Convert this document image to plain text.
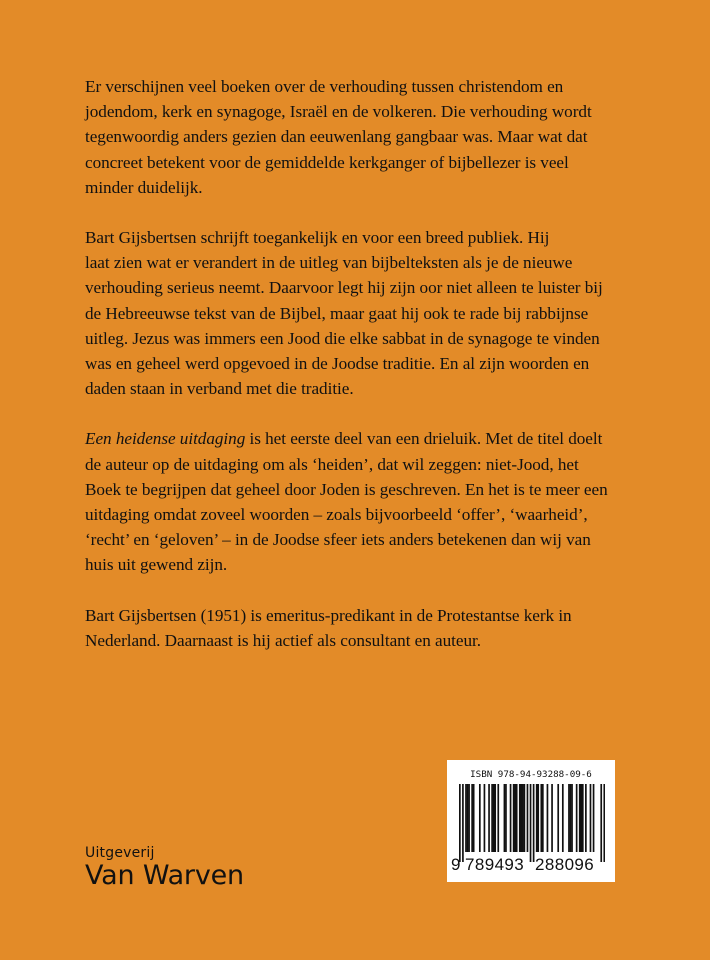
Er verschijnen veel boeken over de verhouding tussen christendom en
jodendom, kerk en synagoge, Israël en de volkeren. Die verhouding wordt
tegenwoordig anders gezien dan eeuwenlang gangbaar was. Maar wat dat
concreet betekent voor de gemiddelde kerkganger of bijbellezer is veel
minder duidelijk.

Bart Gijsbertsen schrijft toegankelijk en voor een breed publiek. Hij
laat zien wat er verandert in de uitleg van bijbelteksten als je de nieuwe
verhouding serieus neemt. Daarvoor legt hij zijn oor niet alleen te luister bij
de Hebreeuwse tekst van de Bijbel, maar gaat hij ook te rade bij rabbijnse
uitleg. Jezus was immers een Jood die elke sabbat in de synagoge te vinden
was en geheel werd opgevoed in de Joodse traditie. En al zijn woorden en
daden staan in verband met die traditie.

Een heidense uitdaging is het eerste deel van een drieluik. Met de titel doelt
de auteur op de uitdaging om als ‘heiden’, dat wil zeggen: niet-Jood, het
Boek te begrijpen dat geheel door Joden is geschreven. En het is te meer een
uitdaging omdat zoveel woorden – zoals bijvoorbeeld ‘offer’, ‘waarheid’,
‘recht’ en ‘geloven’ – in de Joodse sfeer iets anders betekenen dan wij van
huis uit gewend zijn.

Bart Gijsbertsen (1951) is emeritus-predikant in de Protestantse kerk in
Nederland. Daarnaast is hij actief als consultant en auteur.

Uitgeverij
Van Warven
ISBN 978-94-93288-09-6
9 789493 288096
